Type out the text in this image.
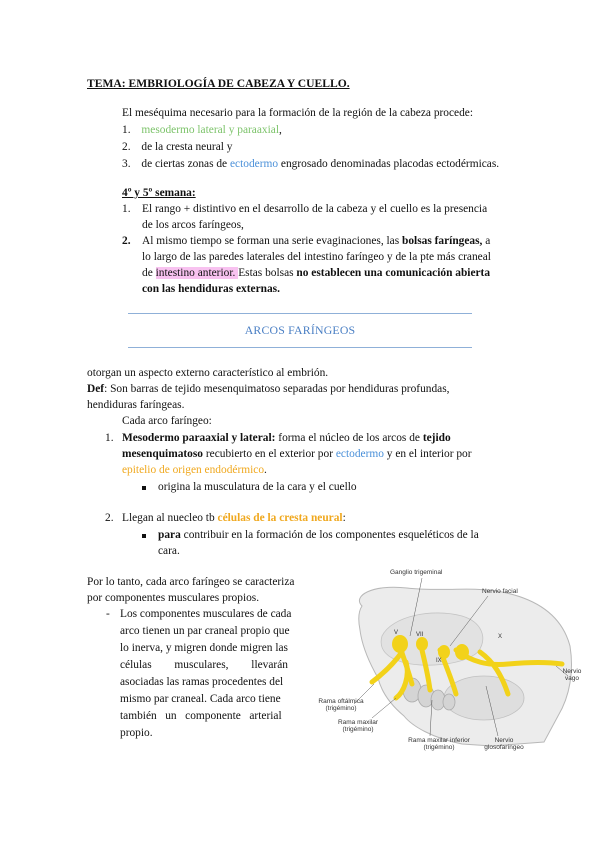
TEMA: EMBRIOLOGÍA DE CABEZA Y CUELLO.
El meséquima necesario para la formación de la región de la cabeza procede:
1. mesodermo lateral y paraaxial,
2. de la cresta neural y
3. de ciertas zonas de ectodermo engrosado denominadas placodas ectodérmicas.
4º y 5º semana:
1. El rango + distintivo en el desarrollo de la cabeza y el cuello es la presencia
de los arcos faríngeos,
2. Al mismo tiempo se forman una serie evaginaciones, las bolsas faríngeas, a
lo largo de las paredes laterales del intestino faríngeo y de la pte más craneal
de intestino anterior. Estas bolsas no establecen una comunicación abierta
con las hendiduras externas.
ARCOS FARÍNGEOS
otorgan un aspecto externo característico al embrión.
Def: Son barras de tejido mesenquimatoso separadas por hendiduras profundas,
hendiduras faríngeas.
Cada arco faríngeo:
1. Mesodermo paraaxial y lateral: forma el núcleo de los arcos de tejido
mesenquimatoso recubierto en el exterior por ectodermo y en el interior por
epitelio de origen endodérmico.
origina la musculatura de la cara y el cuello
2. Llegan al nuecleo tb células de la cresta neural:
para contribuir en la formación de los componentes esqueléticos de la
cara.
Por lo tanto, cada arco faríngeo se caracteriza
por componentes musculares propios.
- Los componentes musculares de cada
arco tienen un par craneal propio que
lo inerva, y migren donde migren las
células        musculares,        llevarán
asociadas las ramas procedentes del
mismo par craneal. Cada arco tiene
también   un   componente   arterial
propio.
Ganglio trigeminal
Nervio facial
Rama oftálmica
(trigémino)
Rama maxilar
(trigémino)
Rama maxilar inferior
(trigémino)
Nervio
vago
Nervio
glosofaríngeo
V	VII
IX
X
